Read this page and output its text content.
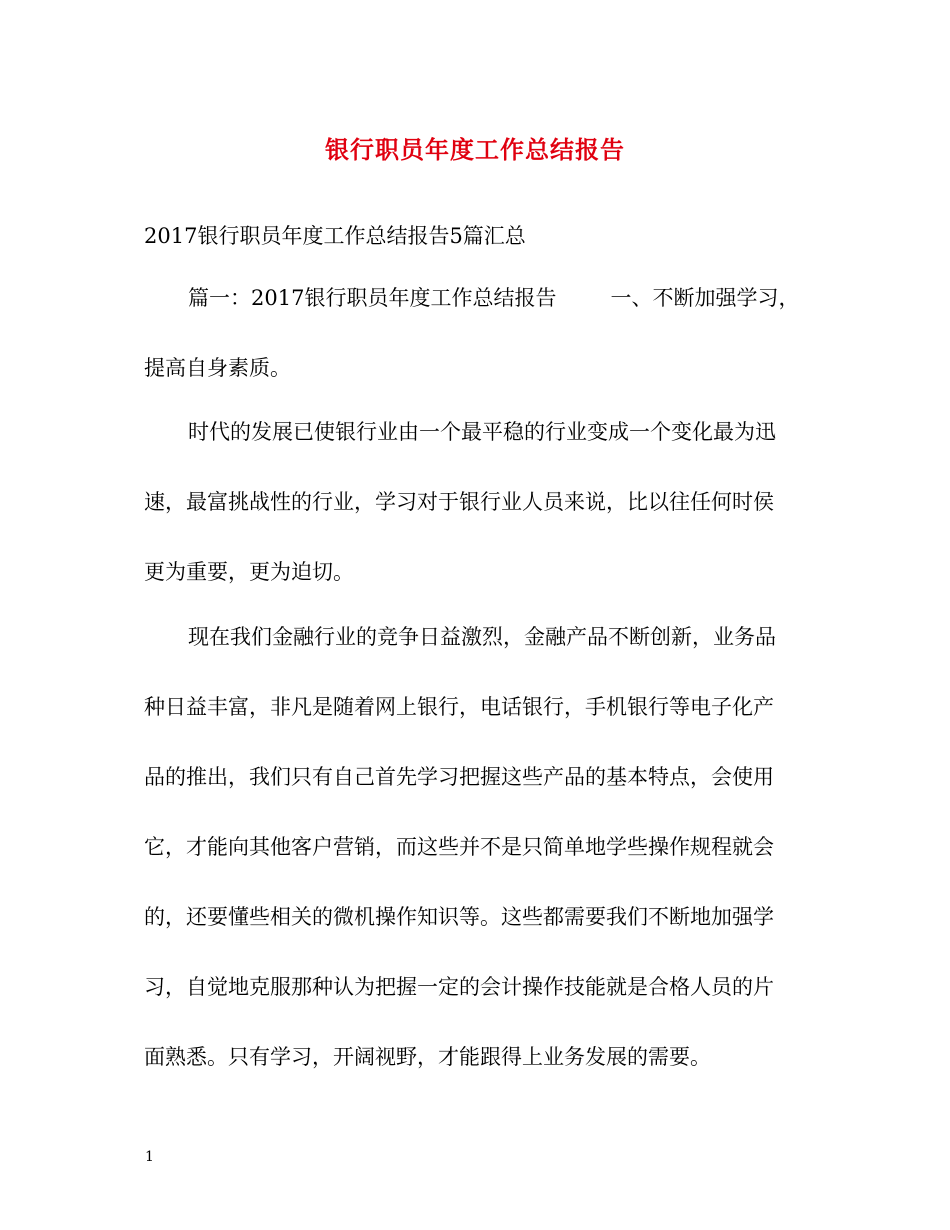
银行职员年度工作总结报告
2017银行职员年度工作总结报告5篇汇总
篇一：2017银行职员年度工作总结报告	一、不断加强学习，
提高自身素质。
时代的发展已使银行业由一个最平稳的行业变成一个变化最为迅
速，最富挑战性的行业，学习对于银行业人员来说，比以往任何时侯
更为重要，更为迫切。
现在我们金融行业的竞争日益激烈，金融产品不断创新，业务品
种日益丰富，非凡是随着网上银行，电话银行，手机银行等电子化产
品的推出，我们只有自己首先学习把握这些产品的基本特点，会使用
它，才能向其他客户营销，而这些并不是只简单地学些操作规程就会
的，还要懂些相关的微机操作知识等。这些都需要我们不断地加强学
习，自觉地克服那种认为把握一定的会计操作技能就是合格人员的片
面熟悉。只有学习，开阔视野，才能跟得上业务发展的需要。
1
